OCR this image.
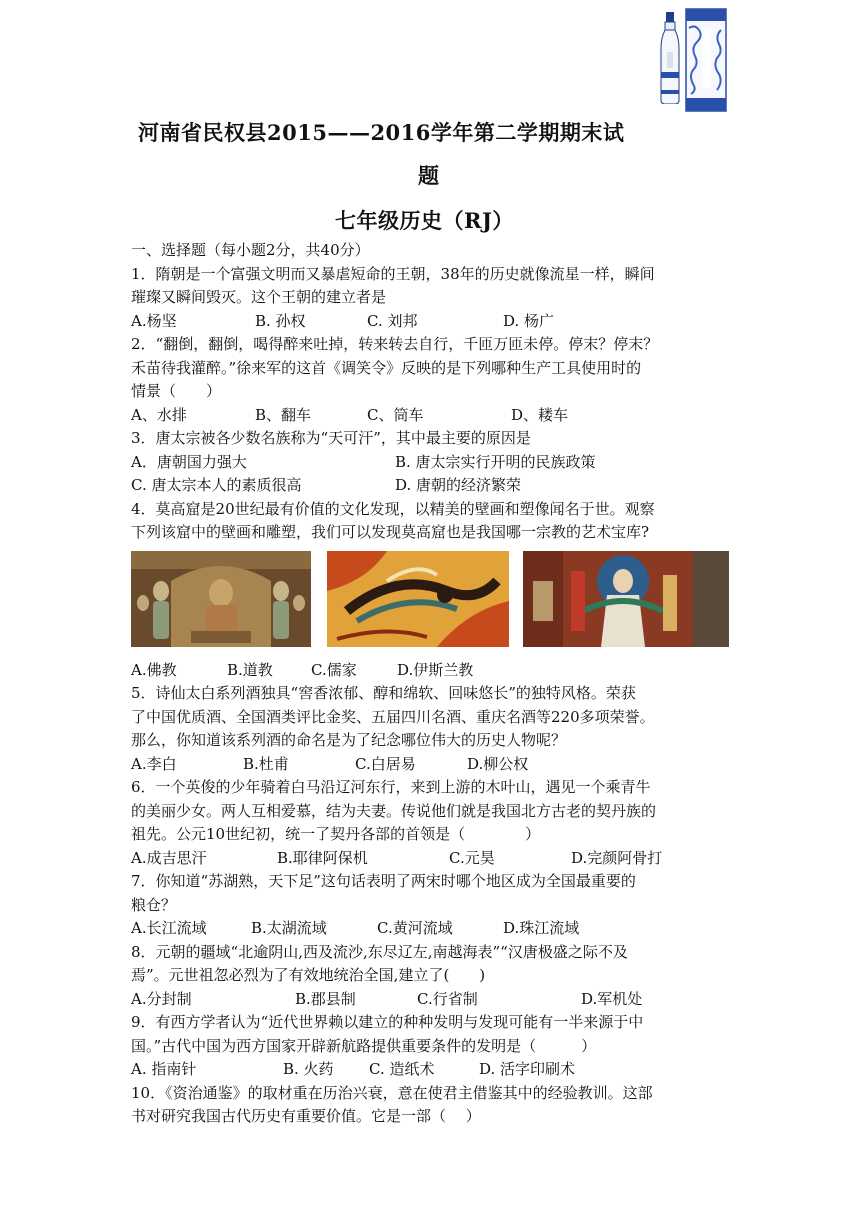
河南省民权县2015——2016学年第二学期期末试
题
七年级历史（RJ）
一、选择题（每小题2分，共40分）
1．隋朝是一个富强文明而又暴虐短命的王朝，38年的历史就像流星一样，瞬间
璀璨又瞬间毁灭。这个王朝的建立者是
A.杨坚	B. 孙权	C. 刘邦	D. 杨广
2．“翻倒，翻倒，喝得醉来吐掉，转来转去自行，千匝万匝未停。停末？停末？
禾苗待我灌醉。”徐来军的这首《调笑令》反映的是下列哪种生产工具使用时的
情景（　　）
A、水排	B、翻车	C、筒车	D、耧车
3．唐太宗被各少数名族称为“天可汗”，其中最主要的原因是
A．唐朝国力强大	B. 唐太宗实行开明的民族政策
C. 唐太宗本人的素质很高	D. 唐朝的经济繁荣
4．莫高窟是20世纪最有价值的文化发现，以精美的壁画和塑像闻名于世。观察
下列该窟中的壁画和雕塑，我们可以发现莫高窟也是我国哪一宗教的艺术宝库?
A.佛教	B.道教	C.儒家	D.伊斯兰教
5．诗仙太白系列酒独具“窖香浓郁、醇和绵软、回味悠长”的独特风格。荣获
了中国优质酒、全国酒类评比金奖、五届四川名酒、重庆名酒等220多项荣誉。
那么，你知道该系列酒的命名是为了纪念哪位伟大的历史人物呢？
A.李白	B.杜甫	C.白居易	D.柳公权
6．一个英俊的少年骑着白马沿辽河东行，来到上游的木叶山，遇见一个乘青牛
的美丽少女。两人互相爱慕，结为夫妻。传说他们就是我国北方古老的契丹族的
祖先。公元10世纪初，统一了契丹各部的首领是（　　　　）
A.成吉思汗	B.耶律阿保机	C.元昊	D.完颜阿骨打
7．你知道“苏湖熟，天下足”这句话表明了两宋时哪个地区成为全国最重要的
粮仓？
A.长江流域	B.太湖流域	C.黄河流域	D.珠江流域
8．元朝的疆域“北逾阴山,西及流沙,东尽辽左,南越海表”“汉唐极盛之际不及
焉”。元世祖忽必烈为了有效地统治全国,建立了(　　)
A.分封制	B.郡县制	C.行省制	D.军机处
9．有西方学者认为“近代世界赖以建立的种种发明与发现可能有一半来源于中
国。”古代中国为西方国家开辟新航路提供重要条件的发明是（　　　）
A. 指南针	B. 火药 C. 造纸术	D. 活字印刷术
10．《资治通鉴》的取材重在历治兴衰，意在使君主借鉴其中的经验教训。这部
书对研究我国古代历史有重要价值。它是一部（　 ）
